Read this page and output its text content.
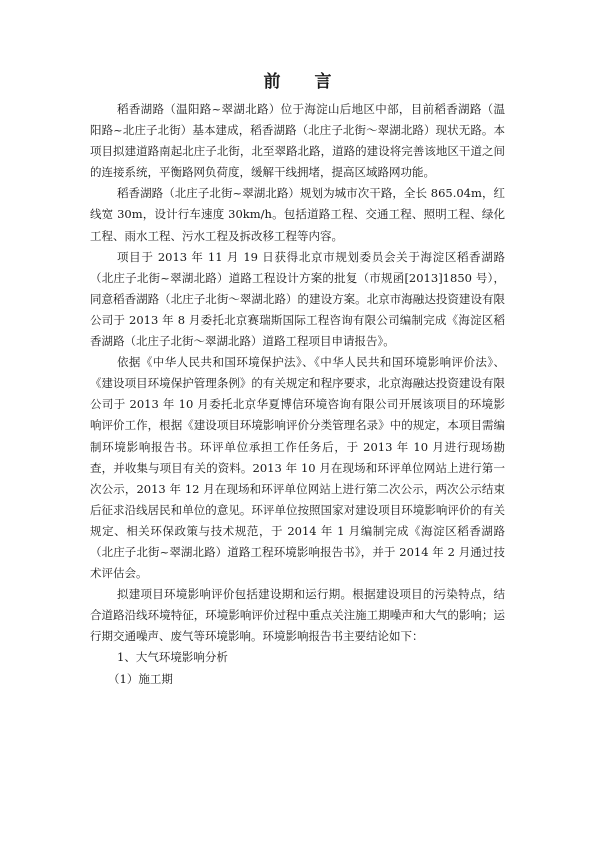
前 言

稻香湖路（温阳路~翠湖北路）位于海淀山后地区中部，目前稻香湖路（温阳路~北庄子北街）基本建成，稻香湖路（北庄子北街～翠湖北路）现状无路。本项目拟建道路南起北庄子北街，北至翠路北路，道路的建设将完善该地区干道之间的连接系统，平衡路网负荷度，缓解干线拥堵，提高区域路网功能。

稻香湖路（北庄子北街~翠湖北路）规划为城市次干路，全长 865.04m，红线宽 30m，设计行车速度 30km/h。包括道路工程、交通工程、照明工程、绿化工程、雨水工程、污水工程及拆改移工程等内容。

项目于 2013 年 11 月 19 日获得北京市规划委员会关于海淀区稻香湖路（北庄子北街~翠湖北路）道路工程设计方案的批复（市规函[2013]1850 号），同意稻香湖路（北庄子北街～翠湖北路）的建设方案。北京市海融达投资建设有限公司于 2013 年 8 月委托北京赛瑞斯国际工程咨询有限公司编制完成《海淀区稻香湖路（北庄子北街～翠湖北路）道路工程项目申请报告》。

依据《中华人民共和国环境保护法》、《中华人民共和国环境影响评价法》、《建设项目环境保护管理条例》的有关规定和程序要求，北京海融达投资建设有限公司于 2013 年 10 月委托北京华夏博信环境咨询有限公司开展该项目的环境影响评价工作，根据《建设项目环境影响评价分类管理名录》中的规定，本项目需编制环境影响报告书。环评单位承担工作任务后，于 2013 年 10 月进行现场勘查，并收集与项目有关的资料。2013 年 10 月在现场和环评单位网站上进行第一次公示，2013 年 12 月在现场和环评单位网站上进行第二次公示，两次公示结束后征求沿线居民和单位的意见。环评单位按照国家对建设项目环境影响评价的有关规定、相关环保政策与技术规范，于 2014 年 1 月编制完成《海淀区稻香湖路（北庄子北街~翠湖北路）道路工程环境影响报告书》，并于 2014 年 2 月通过技术评估会。

拟建项目环境影响评价包括建设期和运行期。根据建设项目的污染特点，结合道路沿线环境特征，环境影响评价过程中重点关注施工期噪声和大气的影响；运行期交通噪声、废气等环境影响。环境影响报告书主要结论如下：

1、大气环境影响分析

（1）施工期
